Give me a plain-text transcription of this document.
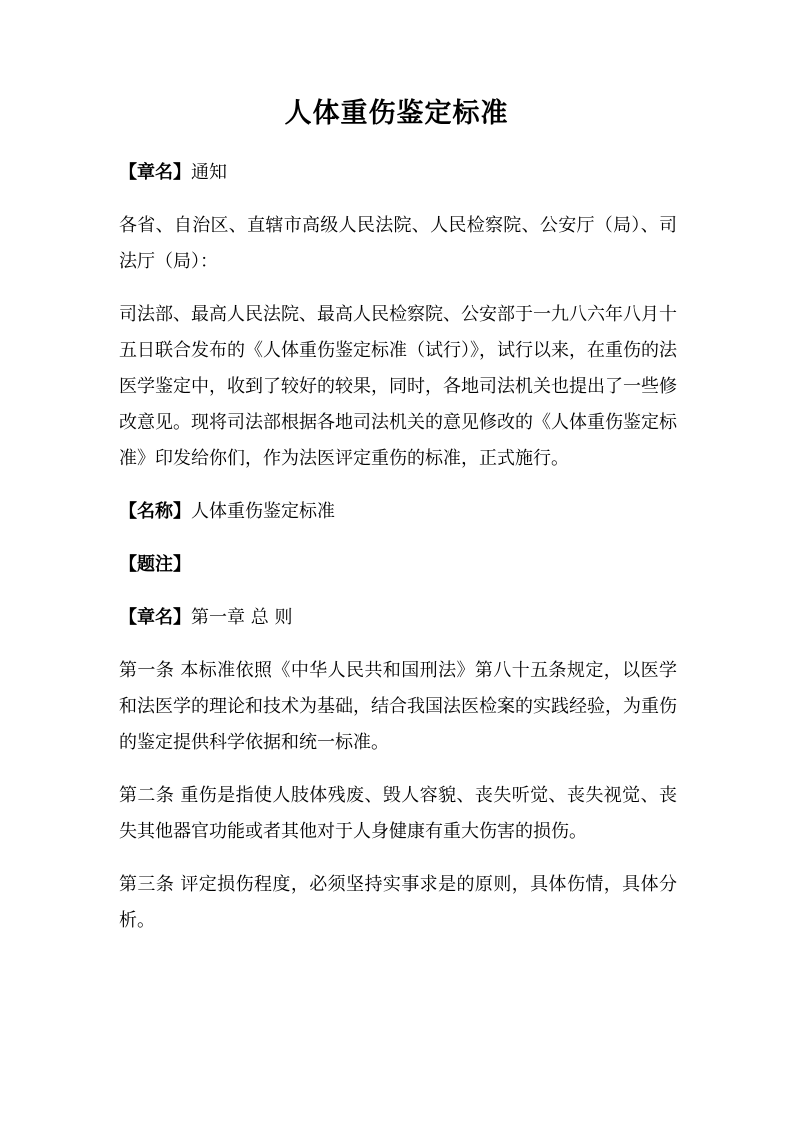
人体重伤鉴定标准

【章名】通知

各省、自治区、直辖市高级人民法院、人民检察院、公安厅（局）、司法厅（局）：

司法部、最高人民法院、最高人民检察院、公安部于一九八六年八月十五日联合发布的《人体重伤鉴定标准（试行）》，试行以来，在重伤的法医学鉴定中，收到了较好的较果，同时，各地司法机关也提出了一些修改意见。现将司法部根据各地司法机关的意见修改的《人体重伤鉴定标准》印发给你们，作为法医评定重伤的标准，正式施行。

【名称】人体重伤鉴定标准

【题注】

【章名】第一章 总 则

第一条 本标准依照《中华人民共和国刑法》第八十五条规定，以医学和法医学的理论和技术为基础，结合我国法医检案的实践经验，为重伤的鉴定提供科学依据和统一标准。

第二条 重伤是指使人肢体残废、毁人容貌、丧失听觉、丧失视觉、丧失其他器官功能或者其他对于人身健康有重大伤害的损伤。

第三条 评定损伤程度，必须坚持实事求是的原则，具体伤情，具体分析。
